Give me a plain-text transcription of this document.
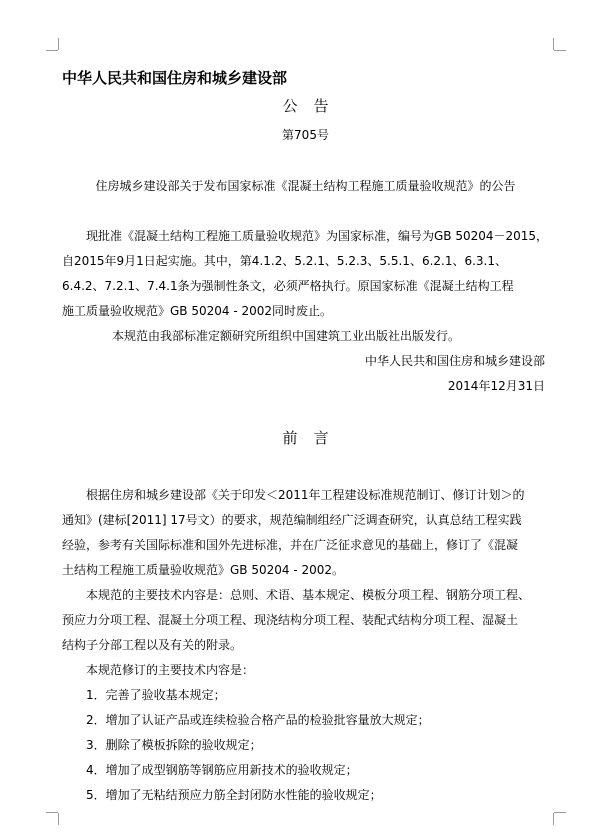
中华人民共和国住房和城乡建设部
公告
第705号
住房城乡建设部关于发布国家标准《混凝土结构工程施工质量验收规范》的公告
现批准《混凝土结构工程施工质量验收规范》为国家标准，编号为GB 50204－2015，
自2015年9月1日起实施。其中，第4.1.2、5.2.1、5.2.3、5.5.1、6.2.1、6.3.1、
6.4.2、7.2.1、7.4.1条为强制性条文，必须严格执行。原国家标准《混凝土结构工程
施工质量验收规范》GB 50204 - 2002同时废止。
本规范由我部标准定额研究所组织中国建筑工业出版社出版发行。
中华人民共和国住房和城乡建设部
2014年12月31日
前言
根据住房和城乡建设部《关于印发＜2011年工程建设标准规范制订、修订计划＞的
通知》(建标[2011] 17号文）的要求，规范编制组经广泛调查研究，认真总结工程实践
经验，参考有关国际标准和国外先进标准，并在广泛征求意见的基础上，修订了《混凝
土结构工程施工质量验收规范》GB 50204 - 2002。
本规范的主要技术内容是：总则、术语、基本规定、模板分项工程、钢筋分项工程、
预应力分项工程、混凝土分项工程、现浇结构分项工程、装配式结构分项工程、湿凝土
结构子分部工程以及有关的附录。
本规范修订的主要技术内容是：
1．完善了验收基本规定；
2．增加了认证产品或连续检验合格产品的检验批容量放大规定；
3．删除了模板拆除的验收规定；
4．增加了成型钢筋等钢筋应用新技术的验收规定；
5．增加了无粘结预应力筋全封闭防水性能的验收规定；
